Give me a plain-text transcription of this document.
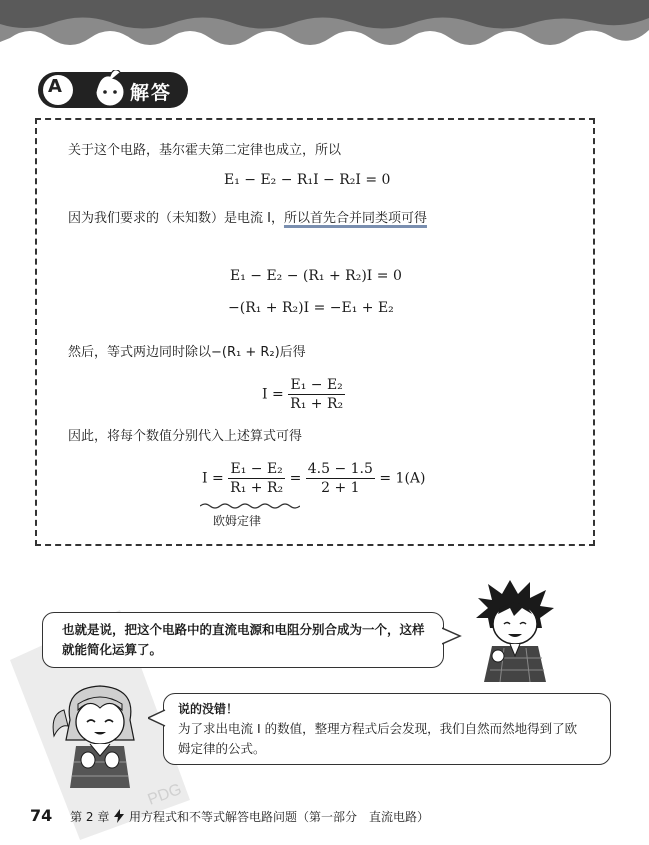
A	解答
关于这个电路，基尔霍夫第二定律也成立，所以
E₁ − E₂ − R₁I − R₂I = 0
因为我们要求的（未知数）是电流 I，所以首先合并同类项可得
E₁ − E₂ − (R₁ + R₂)I = 0
−(R₁ + R₂)I = −E₁ + E₂
然后，等式两边同时除以−(R₁ + R₂)后得
$I = \frac{\text{E₁ − E₂}}{\text{R₁ + R₂}}$
因此，将每个数值分别代入上述算式可得
$I = \frac{\text{E₁ − E₂}}{\text{R₁ + R₂}} = \frac{4.5 - 1.5}{2 + 1} = 1(A)$
欧姆定律
PDG
也就是说，把这个电路中的直流电源和电阻分别合成为一个，这样
就能简化运算了。
说的没错！
为了求出电流 I 的数值，整理方程式后会发现，我们自然而然地得到了欧
姆定律的公式。
74 第 2 章 用方程式和不等式解答电路问题（第一部分　直流电路）
